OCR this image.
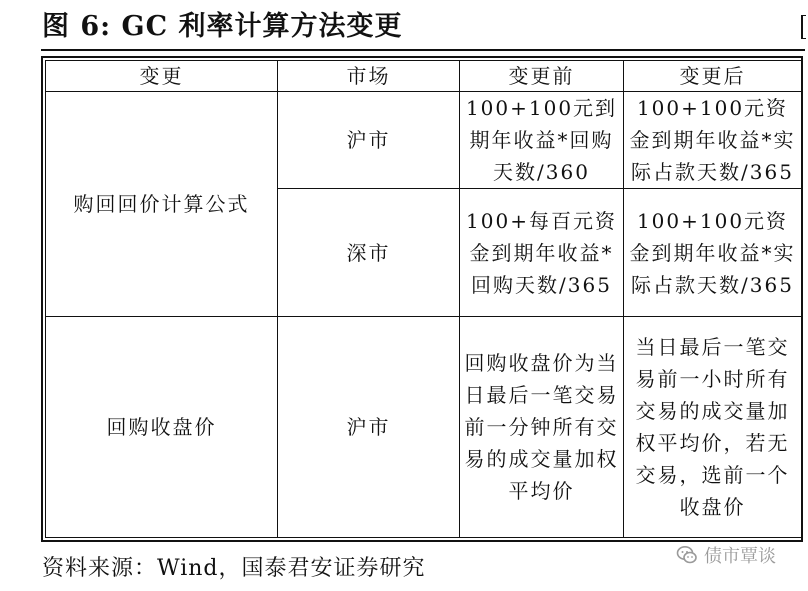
图 6: GC 利率计算方法变更
变更	市场	变更前	变更后
购回回价计算公式	沪市	100+100元到期年收益*回购天数/360	100+100元资金到期年收益*实际占款天数/365
	深市	100+每百元资金到期年收益*回购天数/365	100+100元资金到期年收益*实际占款天数/365
回购收盘价	沪市	回购收盘价为当日最后一笔交易前一分钟所有交易的成交量加权平均价	当日最后一笔交易前一小时所有交易的成交量加权平均价，若无交易，选前一个收盘价
资料来源：Wind，国泰君安证券研究	债市覃谈
